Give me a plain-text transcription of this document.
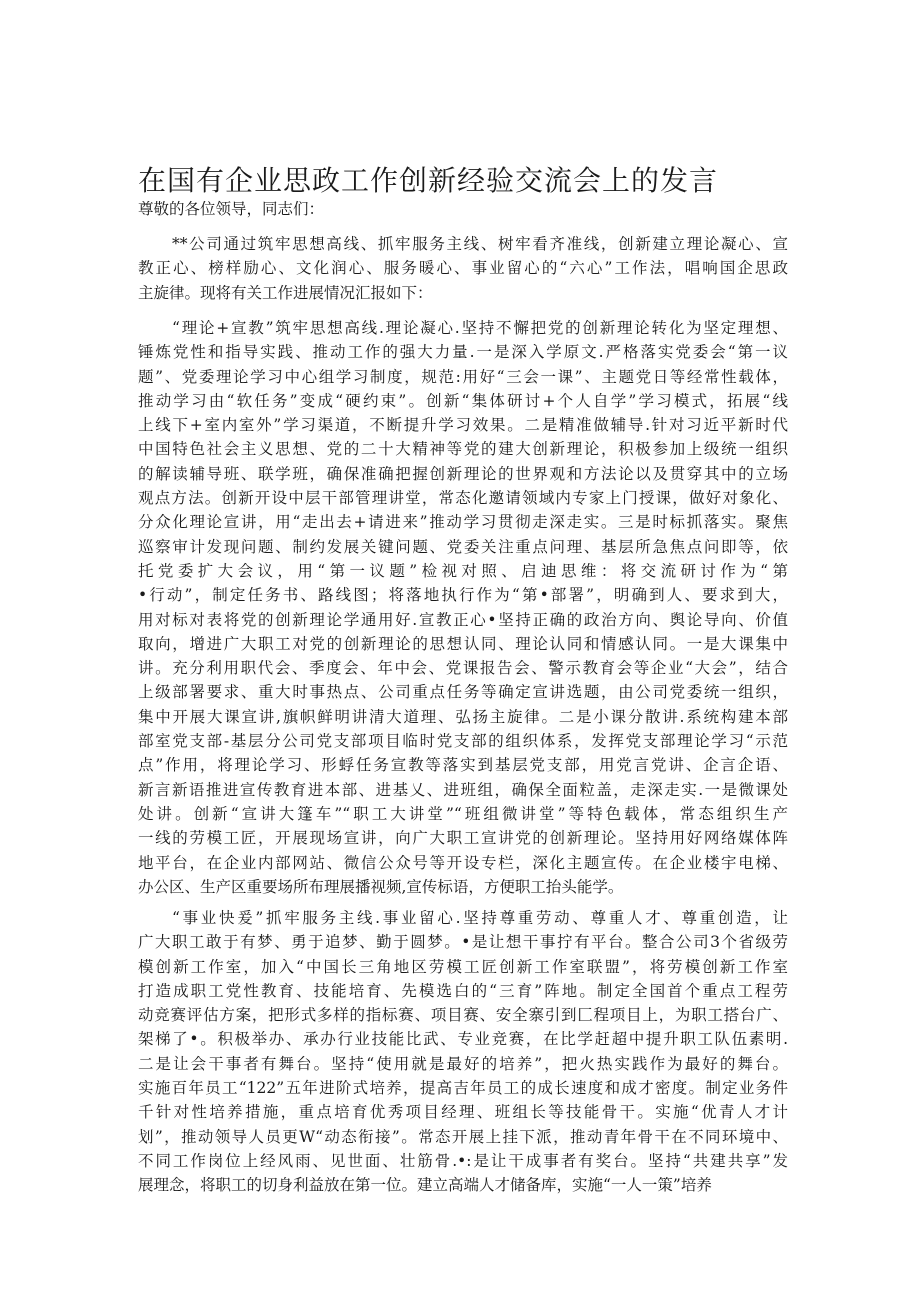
在国有企业思政工作创新经验交流会上的发言
尊敬的各位领导，同志们：
**公司通过筑牢思想高线、抓牢服务主线、树牢看齐准线，创新建立理论凝心、宣
教正心、榜样励心、文化润心、服务暖心、事业留心的“六心”工作法，唱响国企思政
主旋律。现将有关工作进展情况汇报如下：
“理论+宣教”筑牢思想高线.理论凝心.坚持不懈把党的创新理论转化为坚定理想、
锤炼党性和指导实践、推动工作的强大力量.一是深入学原文.严格落实党委会“第一议
题”、党委理论学习中心组学习制度，规范:用好“三会一课”、主题党日等经常性载体，
推动学习由“软任务”变成“硬约束”。创新“集体研讨+个人自学”学习模式，拓展“线
上线下+室内室外”学习渠道，不断提升学习效果。二是精准做辅导.针对习近平新时代
中国特色社会主义思想、党的二十大精神等党的建大创新理论，积极参加上级统一组织
的解读辅导班、联学班，确保准确把握创新理论的世界观和方法论以及贯穿其中的立场
观点方法。创新开设中层干部管理讲堂，常态化邀请领域内专家上门授课，做好对象化、
分众化理论宣讲，用“走出去+请进来”推动学习贯彻走深走实。三是时标抓落实。聚焦
巡察审计发现问题、制约发展关键问题、党委关注重点问理、基层所急焦点问即等，依
托党委扩大会议，用“第一议题”检视对照、启迪思维：将交流研讨作为“第
•行动”，制定任务书、路线图；将落地执行作为“第•部署”，明确到人、要求到大，
用对标对表将党的创新理论学通用好.宣教正心•坚持正确的政治方向、舆论导向、价值
取向，增进广大职工对党的创新理论的思想认同、理论认同和情感认同。一是大课集中
讲。充分利用职代会、季度会、年中会、党课报告会、警示教育会等企业“大会”，结合
上级部署要求、重大时事热点、公司重点任务等确定宣讲选题，由公司党委统一组织，
集中开展大课宣讲,旗帜鲜明讲清大道理、弘扬主旋律。二是小课分散讲.系统构建本部
部室党支部-基层分公司党支部项目临时党支部的组织体系，发挥党支部理论学习“示范
点”作用，将理论学习、形蜉任务宣教等落实到基层党支部，用党言党讲、企言企语、
新言新语推进宣传教育进本部、进基乂、进班组，确保全面粒盖，走深走实.一是微课处
处讲。创新“宣讲大篷车”“职工大讲堂”“班组微讲堂”等特色载体，常态组织生产
一线的劳模工匠，开展现场宣讲，向广大职工宣讲党的创新理论。坚持用好网络媒体阵
地平台，在企业内部网站、微信公众号等开设专栏，深化主题宣传。在企业楼宇电梯、
办公区、生产区重要场所布理展播视频,宣传标语，方便职工抬头能学。
“事业快爰”抓牢服务主线.事业留心.坚持尊重劳动、尊重人才、尊重创造，让
广大职工敢于有梦、勇于追梦、勤于圆梦。•是让想干事拧有平台。整合公司3个省级劳
模创新工作室，加入“中国长三角地区劳模工匠创新工作室联盟”，将劳模创新工作室
打造成职工党性教育、技能培育、先模选白的“三育”阵地。制定全国首个重点工程劳
动竞赛评估方案，把形式多样的指标赛、项目赛、安全寨引到匚程项目上，为职工搭台广、
架梯了•。积极举办、承办行业技能比武、专业竞赛，在比学赶超中提升职工队伍素明.
二是让会干事者有舞台。坚持“使用就是最好的培养”，把火热实践作为最好的舞台。
实施百年员工“122”五年进阶式培养，提高吉年员工的成长速度和成才密度。制定业务件
千针对性培养措施，重点培育优秀项目经理、班组长等技能骨干。实施“优青人才计
划”，推动领导人员更W“动态衔接”。常态开展上挂下派，推动青年骨干在不同环境中、
不同工作岗位上经风雨、见世面、壮筋骨.•:是让干成事者有奖台。坚持“共建共享”发
展理念，将职工的切身利益放在第一位。建立高端人才储备库，实施“一人一策”培养
